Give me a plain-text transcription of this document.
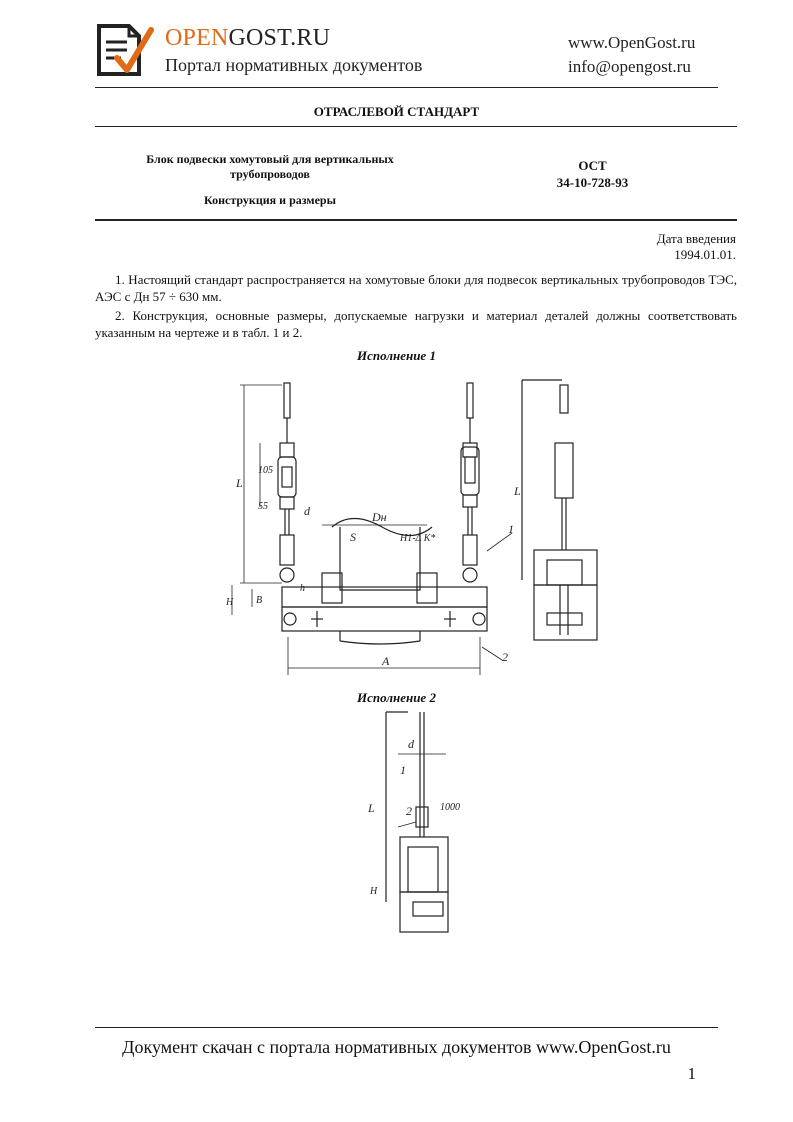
OPENGOST.RU
Портал нормативных документов
www.OpenGost.ru
info@opengost.ru
ОТРАСЛЕВОЙ СТАНДАРТ
Блок подвески хомутовый для вертикальных трубопроводов
Конструкция и размеры
ОСТ
34-10-728-93
Дата введения
1994.01.01.
1. Настоящий стандарт распространяется на хомутовые блоки для подвесок вертикальных трубопроводов ТЭС, АЭС с Дн 57 ÷ 630 мм.
2. Конструкция, основные размеры, допускаемые нагрузки и материал деталей должны соответствовать указанным на чертеже и в табл. 1 и 2.
Исполнение 1
L
105
55	d	Dн
S	Н1-Δ К*
H B
h
A
1
2
L
Исполнение 2
d
L
1
2	1000
H
Документ скачан с портала нормативных документов www.OpenGost.ru
1
